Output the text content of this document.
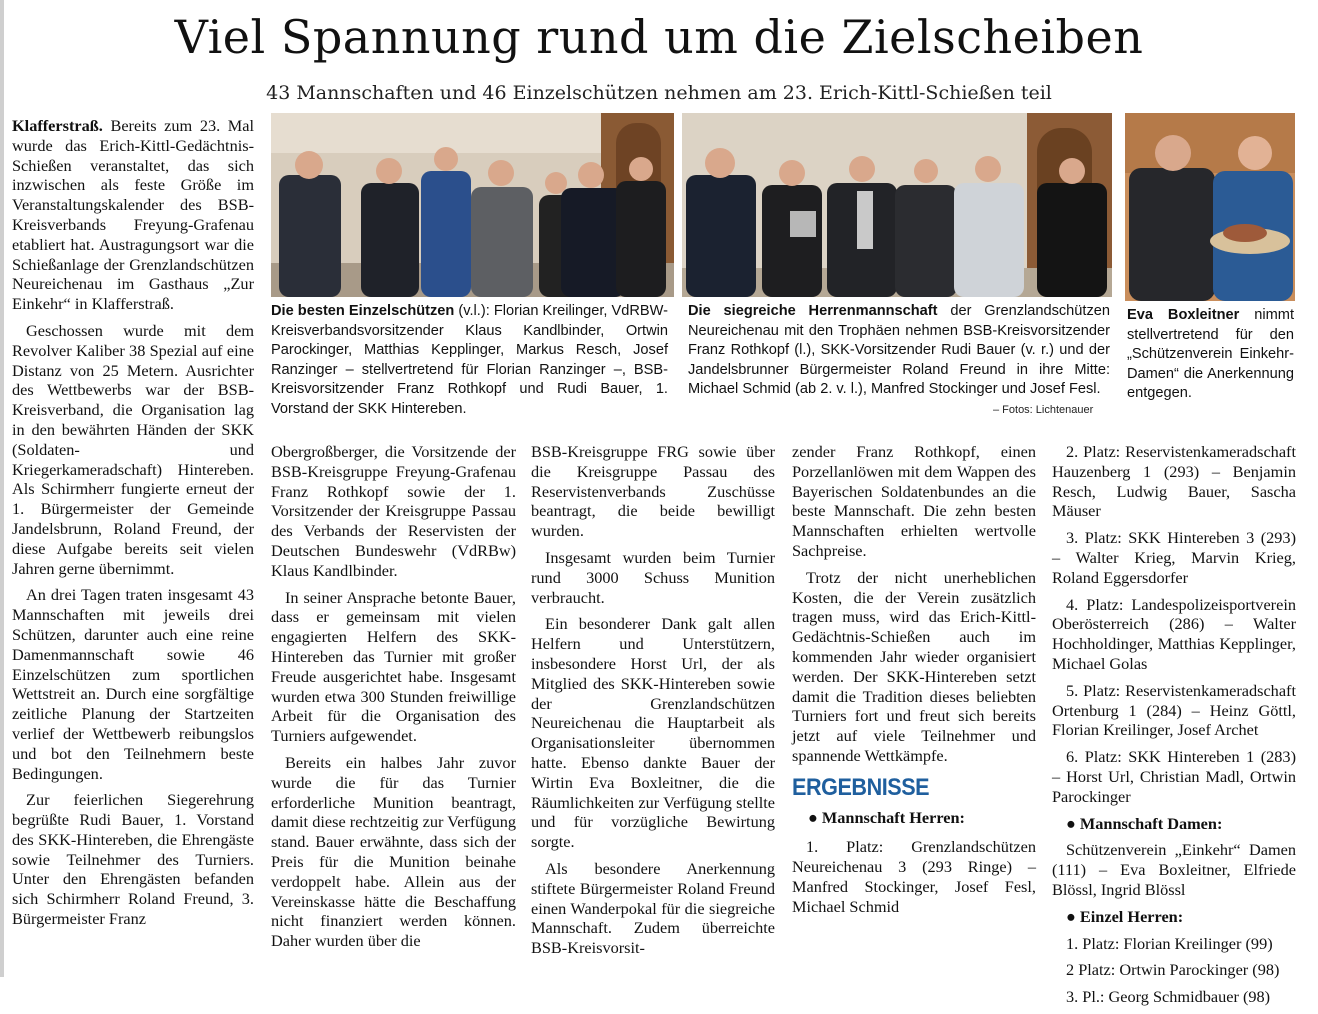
Viel Spannung rund um die Zielscheiben
43 Mannschaften und 46 Einzelschützen nehmen am 23. Erich-Kittl-Schießen teil
Die besten Einzelschützen (v.l.): Florian Kreilinger, VdRBW-Kreisverbandsvorsitzender Klaus Kandlbinder, Ortwin Parockinger, Matthias Kepplinger, Markus Resch, Josef Ranzinger – stellvertretend für Florian Ranzinger –, BSB-Kreisvorsitzender Franz Rothkopf und Rudi Bauer, 1. Vorstand der SKK Hintereben.
Die siegreiche Herrenmannschaft der Grenzlandschützen Neureichenau mit den Trophäen nehmen BSB-Kreisvorsitzender Franz Rothkopf (l.), SKK-Vorsitzender Rudi Bauer (v. r.) und der Jandelsbrunner Bürgermeister Roland Freund in ihre Mitte: Michael Schmid (ab 2. v. l.), Manfred Stockinger und Josef Fesl.
– Fotos: Lichtenauer
Eva Boxleitner nimmt stellvertretend für den „Schützenverein Einkehr-Damen“ die Anerkennung entgegen.

Klafferstraß. Bereits zum 23. Mal wurde das Erich-Kittl-Gedächtnis-Schießen veranstaltet, das sich inzwischen als feste Größe im Veranstaltungskalender des BSB-Kreisverbands Freyung-Grafenau etabliert hat. Austragungsort war die Schießanlage der Grenzlandschützen Neureichenau im Gasthaus „Zur Einkehr“ in Klafferstraß.

Geschossen wurde mit dem Revolver Kaliber 38 Spezial auf eine Distanz von 25 Metern. Ausrichter des Wettbewerbs war der BSB-Kreisverband, die Organisation lag in den bewährten Händen der SKK (Soldaten- und Kriegerkameradschaft) Hintereben. Als Schirmherr fungierte erneut der 1. Bürgermeister der Gemeinde Jandelsbrunn, Roland Freund, der diese Aufgabe bereits seit vielen Jahren gerne übernimmt.

An drei Tagen traten insgesamt 43 Mannschaften mit jeweils drei Schützen, darunter auch eine reine Damenmannschaft sowie 46 Einzelschützen zum sportlichen Wettstreit an. Durch eine sorgfältige zeitliche Planung der Startzeiten verlief der Wettbewerb reibungslos und bot den Teilnehmern beste Bedingungen.

Zur feierlichen Siegerehrung begrüßte Rudi Bauer, 1. Vorstand des SKK-Hintereben, die Ehrengäste sowie Teilnehmer des Turniers. Unter den Ehrengästen befanden sich Schirmherr Roland Freund, 3. Bürgermeister Franz

Obergroßberger, die Vorsitzende der BSB-Kreisgruppe Freyung-Grafenau Franz Rothkopf sowie der 1. Vorsitzender der Kreisgruppe Passau des Verbands der Reservisten der Deutschen Bundeswehr (VdRBw) Klaus Kandlbinder.

In seiner Ansprache betonte Bauer, dass er gemeinsam mit vielen engagierten Helfern des SKK-Hintereben das Turnier mit großer Freude ausgerichtet habe. Insgesamt wurden etwa 300 Stunden freiwillige Arbeit für die Organisation des Turniers aufgewendet.

Bereits ein halbes Jahr zuvor wurde die für das Turnier erforderliche Munition beantragt, damit diese rechtzeitig zur Verfügung stand. Bauer erwähnte, dass sich der Preis für die Munition beinahe verdoppelt habe. Allein aus der Vereinskasse hätte die Beschaffung nicht finanziert werden können. Daher wurden über die

BSB-Kreisgruppe FRG sowie über die Kreisgruppe Passau des Reservistenverbands Zuschüsse beantragt, die beide bewilligt wurden.

Insgesamt wurden beim Turnier rund 3000 Schuss Munition verbraucht.

Ein besonderer Dank galt allen Helfern und Unterstützern, insbesondere Horst Url, der als Mitglied des SKK-Hintereben sowie der Grenzlandschützen Neureichenau die Hauptarbeit als Organisationsleiter übernommen hatte. Ebenso dankte Bauer der Wirtin Eva Boxleitner, die die Räumlichkeiten zur Verfügung stellte und für vorzügliche Bewirtung sorgte.

Als besondere Anerkennung stiftete Bürgermeister Roland Freund einen Wanderpokal für die siegreiche Mannschaft. Zudem überreichte BSB-Kreisvorsit-

zender Franz Rothkopf, einen Porzellanlöwen mit dem Wappen des Bayerischen Soldatenbundes an die beste Mannschaft. Die zehn besten Mannschaften erhielten wertvolle Sachpreise.

Trotz der nicht unerheblichen Kosten, die der Verein zusätzlich tragen muss, wird das Erich-Kittl-Gedächtnis-Schießen auch im kommenden Jahr wieder organisiert werden. Der SKK-Hintereben setzt damit die Tradition dieses beliebten Turniers fort und freut sich bereits jetzt auf viele Teilnehmer und spannende Wettkämpfe.

ERGEBNISSE

● Mannschaft Herren:

1. Platz: Grenzlandschützen Neureichenau 3 (293 Ringe) – Manfred Stockinger, Josef Fesl, Michael Schmid

2. Platz: Reservistenkameradschaft Hauzenberg 1 (293) – Benjamin Resch, Ludwig Bauer, Sascha Mäuser

3. Platz: SKK Hintereben 3 (293) – Walter Krieg, Marvin Krieg, Roland Eggersdorfer

4. Platz: Landespolizeisportverein Oberösterreich (286) – Walter Hochholdinger, Matthias Kepplinger, Michael Golas

5. Platz: Reservistenkameradschaft Ortenburg 1 (284) – Heinz Göttl, Florian Kreilinger, Josef Archet

6. Platz: SKK Hintereben 1 (283) – Horst Url, Christian Madl, Ortwin Parockinger

● Mannschaft Damen:

Schützenverein „Einkehr“ Damen (111) – Eva Boxleitner, Elfriede Blössl, Ingrid Blössl

● Einzel Herren:

1. Platz: Florian Kreilinger (99)

2 Platz: Ortwin Parockinger (98)

3. Pl.: Georg Schmidbauer (98)
